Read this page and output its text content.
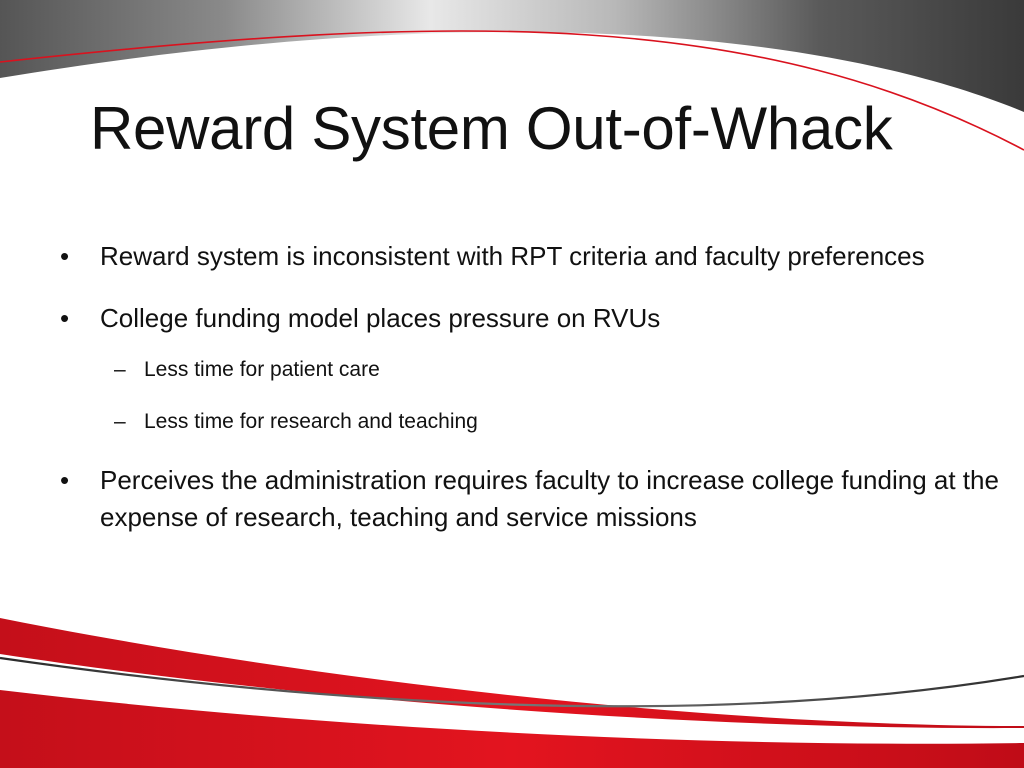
Reward System Out-of-Whack
• Reward system is inconsistent with RPT criteria and faculty preferences
• College funding model places pressure on RVUs
– Less time for patient care
– Less time for research and teaching
• Perceives the administration requires faculty to increase college funding at the expense of research, teaching and service missions
